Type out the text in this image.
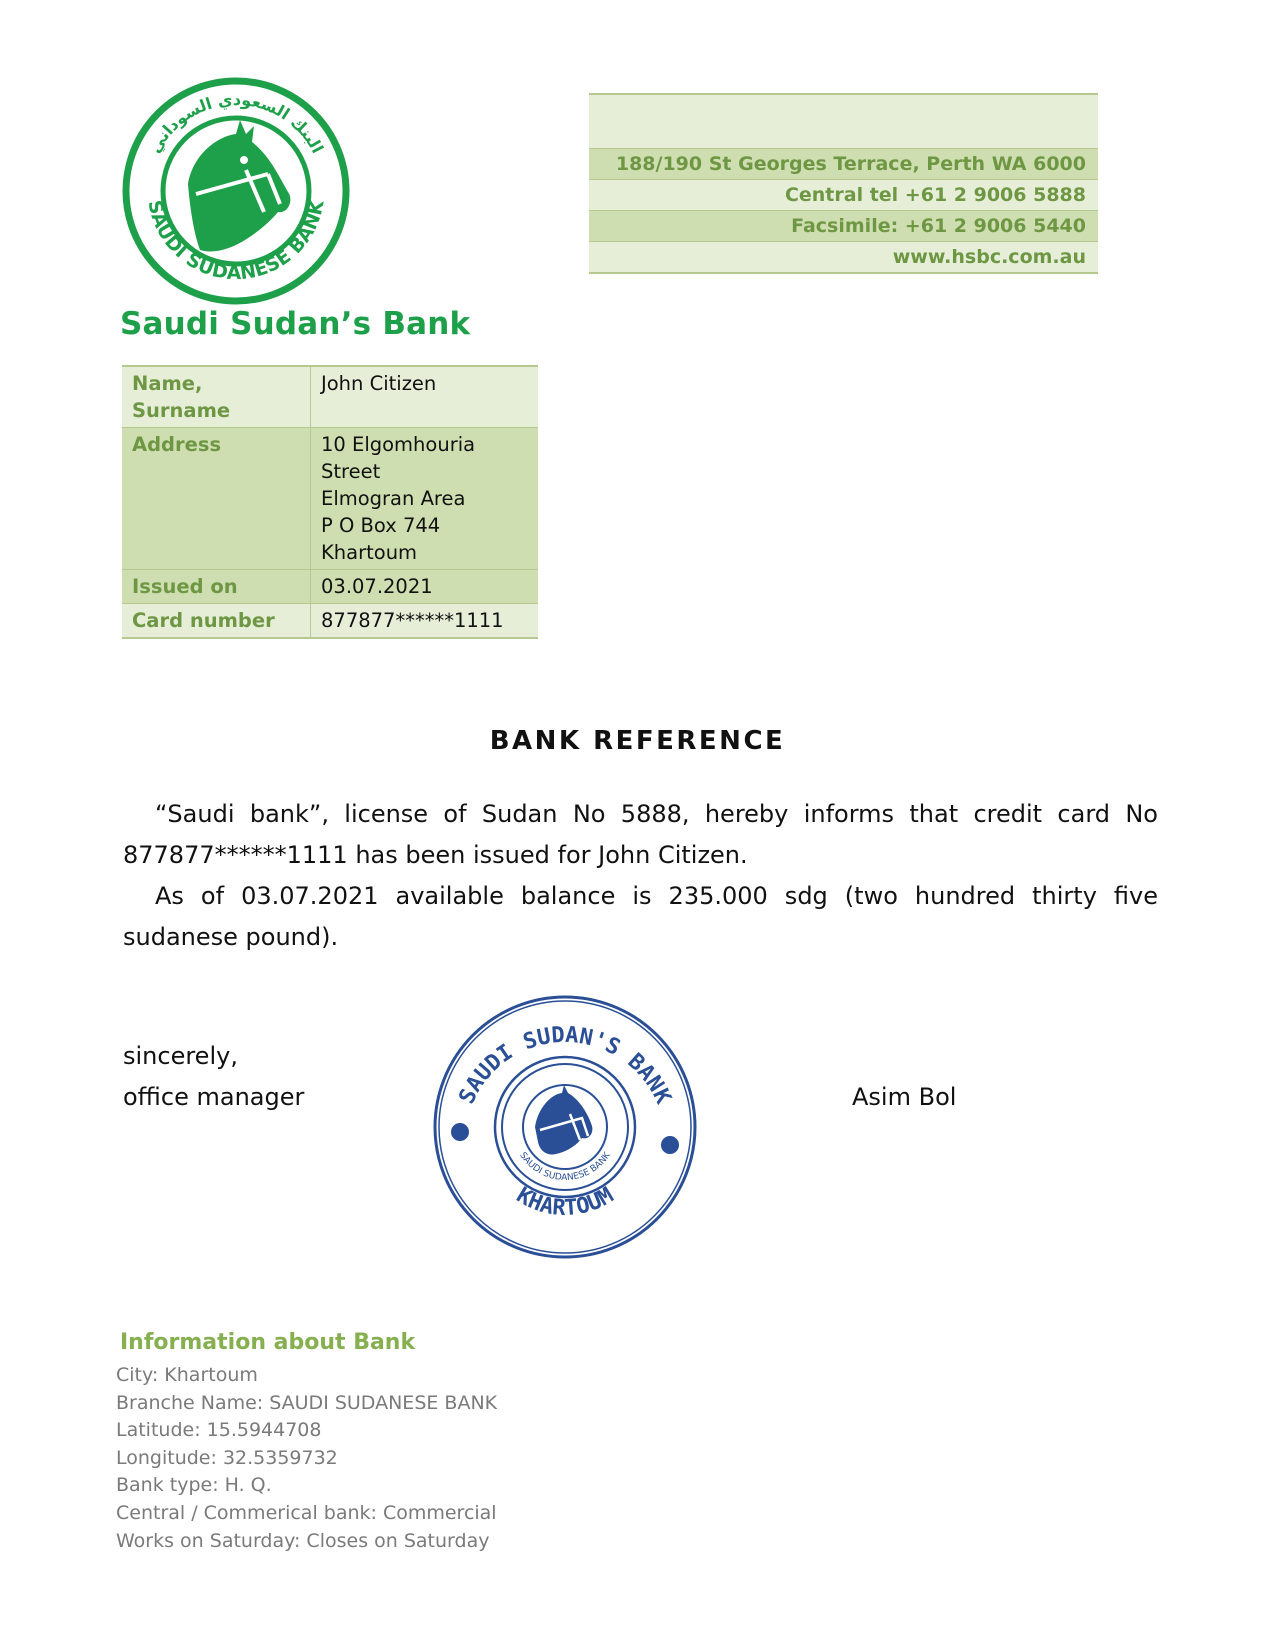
SAUDI SUDANESE BANK
البنك السعودي السوداني
Saudi Sudan’s Bank
188/190 St Georges Terrace, Perth WA 6000
Central tel +61 2 9006 5888
Facsimile: +61 2 9006 5440
www.hsbc.com.au
Name, Surname	John Citizen
Address	10 Elgomhouria
Street
Elmogran Area
P O Box 744
Khartoum

Issued on	03.07.2021
Card number	877877******1111
BANK REFERENCE

“Saudi bank”, license of Sudan No 5888, hereby informs that credit card No 877877******1111 has been issued for John Citizen.

As of 03.07.2021 available balance is 235.000 sdg (two hundred thirty five sudanese pound).

sincerely,
office manager	Asim Bol
SAUDI SUDAN'S BANK
KHARTOUM
SAUDI SUDANESE BANK
Information about Bank
City: Khartoum
Branche Name: SAUDI SUDANESE BANK
Latitude: 15.5944708
Longitude: 32.5359732
Bank type: H. Q.
Central / Commerical bank: Commercial
Works on Saturday: Closes on Saturday
